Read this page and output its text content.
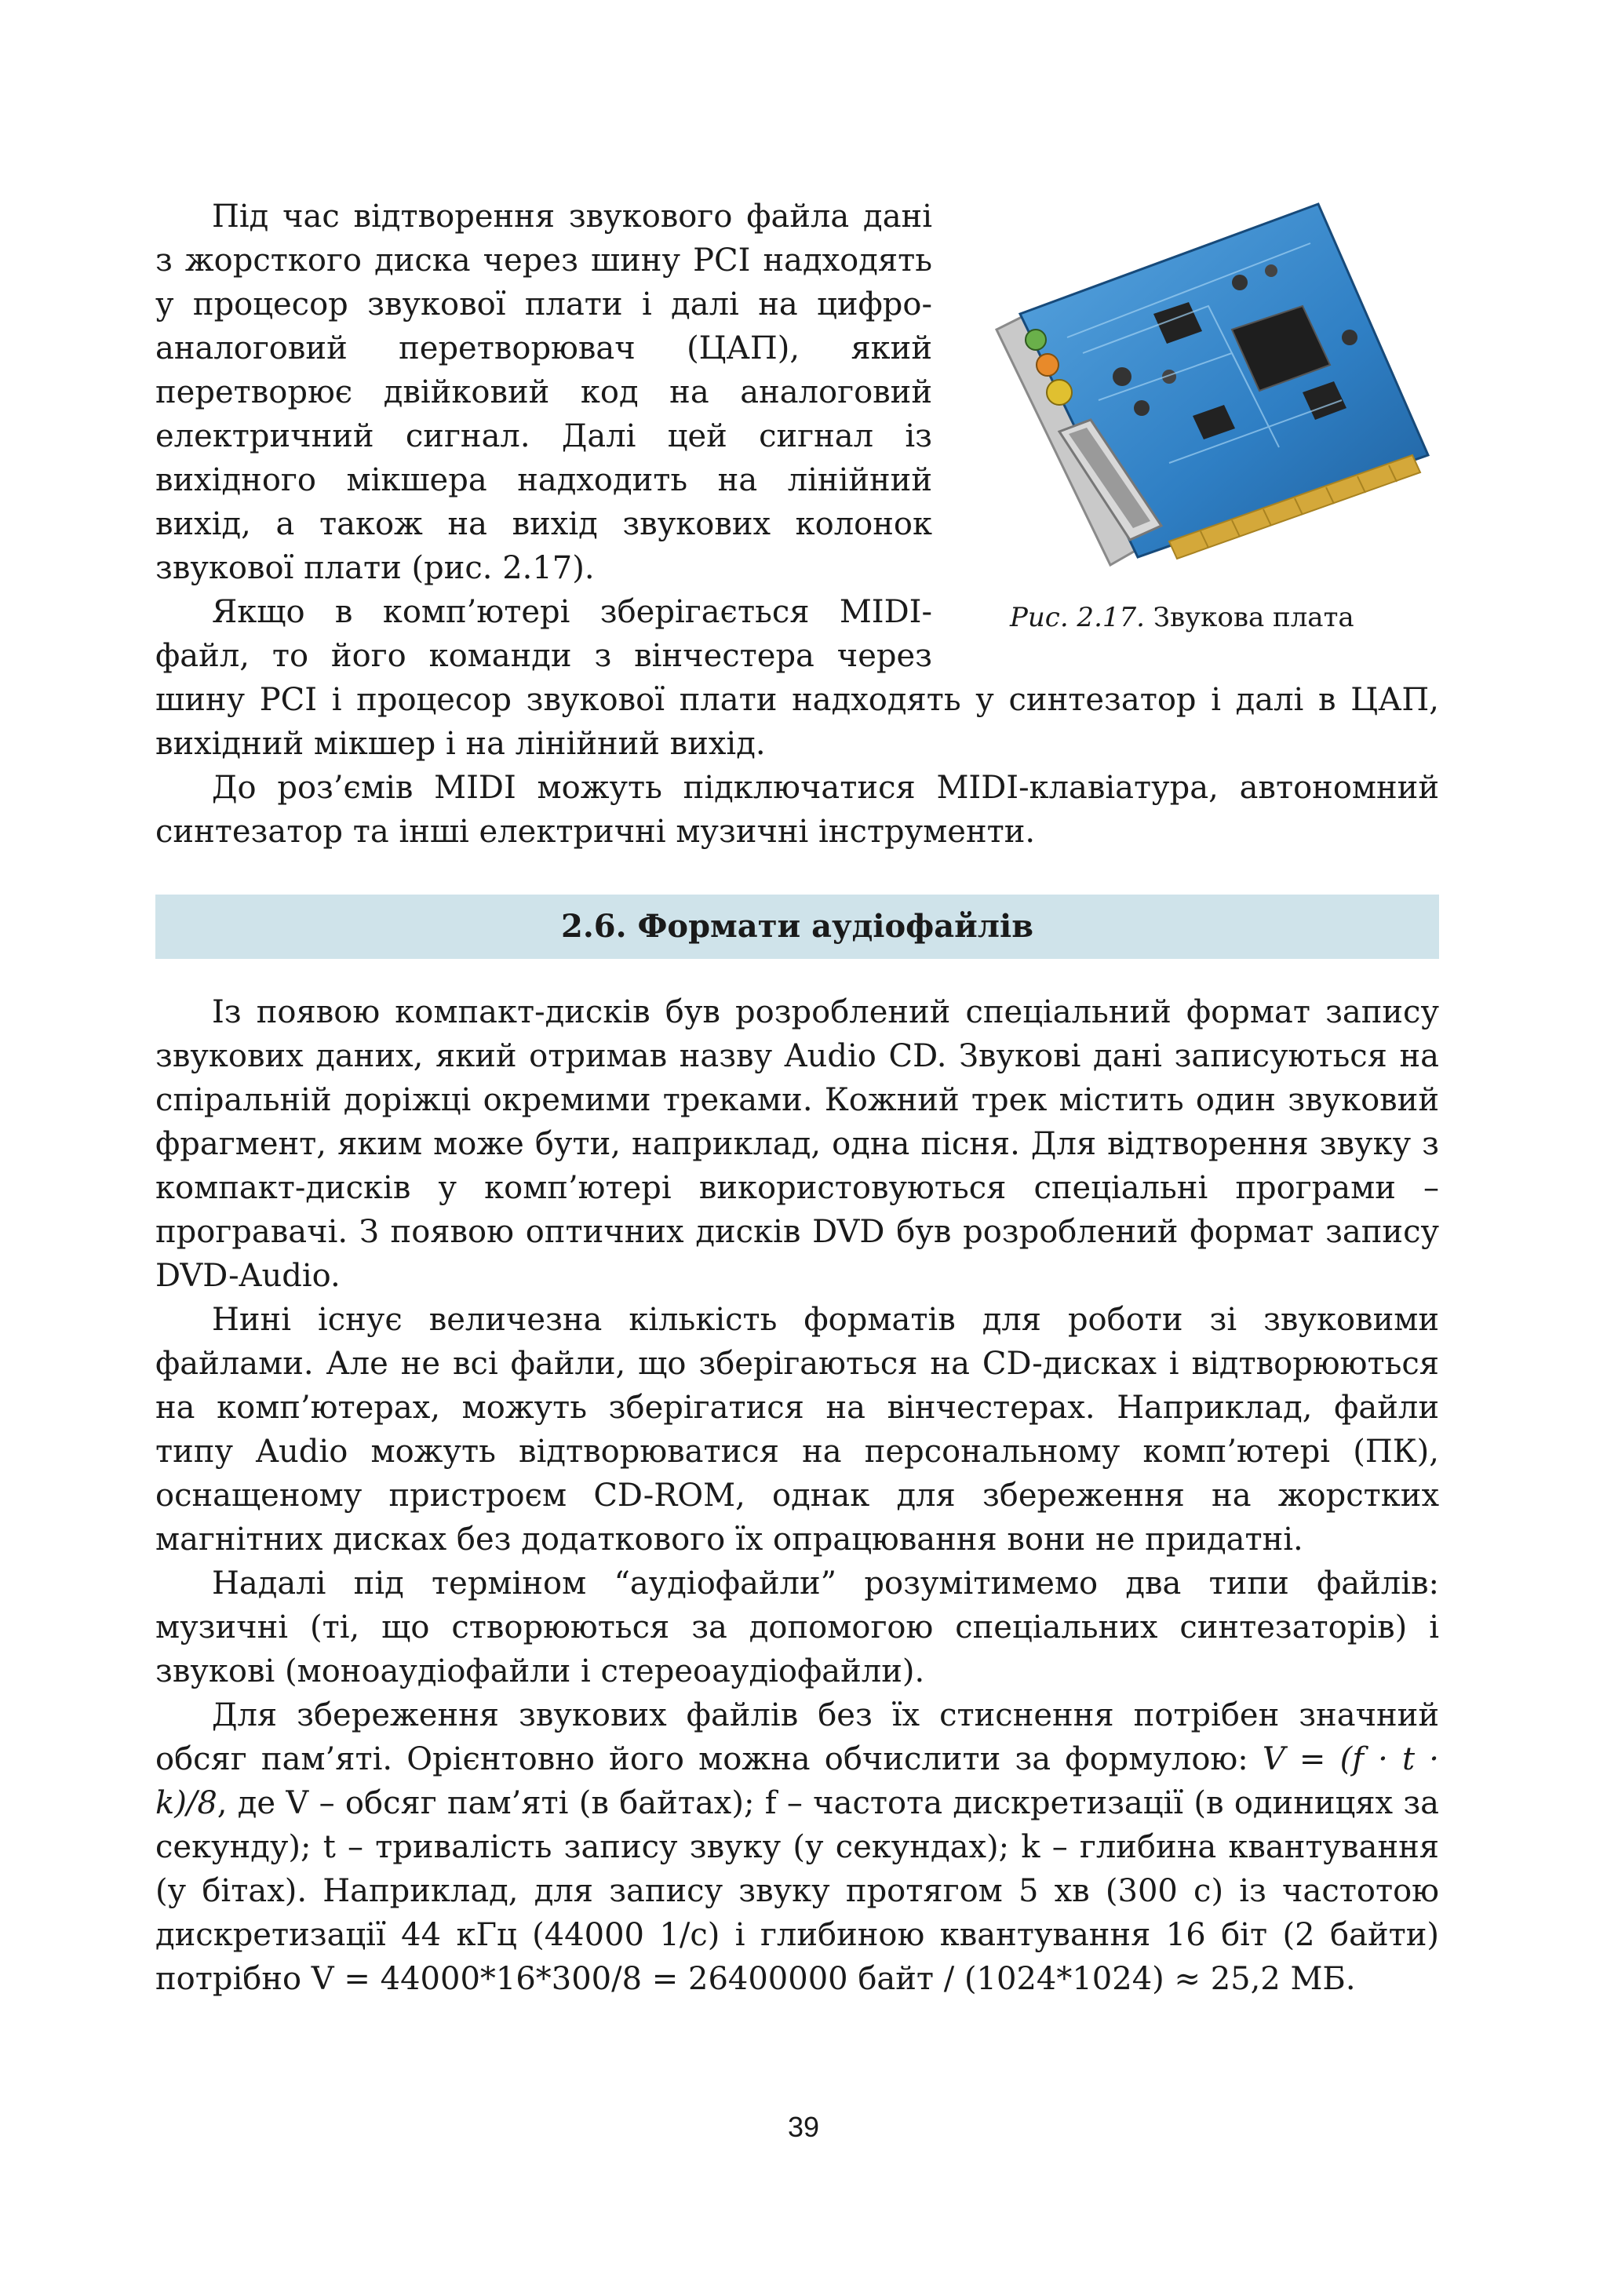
Під час відтворення звукового файла дані з жорсткого диска через шину PCI надходять у процесор звукової плати і далі на цифро-аналоговий перетворювач (ЦАП), який перетворює двійковий код на аналоговий електричний сигнал. Далі цей сигнал із вихідного мікшера надходить на лінійний вихід, а також на вихід звукових колонок звукової плати (рис. 2.17).

Рис. 2.17. Звукова плата

Якщо в комп’ютері зберігається MIDI-файл, то його команди з вінчестера через шину PCI і процесор звукової плати надходять у синтезатор і далі в ЦАП, вихідний мікшер і на лінійний вихід.

До роз’ємів MIDI можуть підключатися MIDI-клавіатура, автономний синтезатор та інші електричні музичні інструменти.

2.6. Формати аудіофайлів

Із появою компакт-дисків був розроблений спеціальний формат запису звукових даних, який отримав назву Audio CD. Звукові дані записуються на спіральній доріжці окремими треками. Кожний трек містить один звуковий фрагмент, яким може бути, наприклад, одна пісня. Для відтворення звуку з компакт-дисків у комп’ютері використовуються спеціальні програми – програвачі. З появою оптичних дисків DVD був розроблений формат запису DVD-Audio.

Нині існує величезна кількість форматів для роботи зі звуковими файлами. Але не всі файли, що зберігаються на CD-дисках і відтворюються на комп’ютерах, можуть зберігатися на вінчестерах. Наприклад, файли типу Audio можуть відтворюватися на персональному комп’ютері (ПК), оснащеному пристроєм CD-ROM, однак для збереження на жорстких магнітних дисках без додаткового їх опрацювання вони не придатні.

Надалі під терміном “аудіофайли” розумітимемо два типи файлів: музичні (ті, що створюються за допомогою спеціальних синтезаторів) і звукові (моноаудіофайли і стереоаудіофайли).

Для збереження звукових файлів без їх стиснення потрібен значний обсяг пам’яті. Орієнтовно його можна обчислити за формулою: V = (f · t · k)/8, де V – обсяг пам’яті (в байтах); f – частота дискретизації (в одиницях за секунду); t – тривалість запису звуку (у секундах); k – глибина квантування (у бітах). Наприклад, для запису звуку протягом 5 хв (300 с) із частотою дискретизації 44 кГц (44000 1/с) і глибиною квантування 16 біт (2 байти) потрібно V = 44000*16*300/8 = 26400000 байт / (1024*1024) ≈ 25,2 МБ.

39
